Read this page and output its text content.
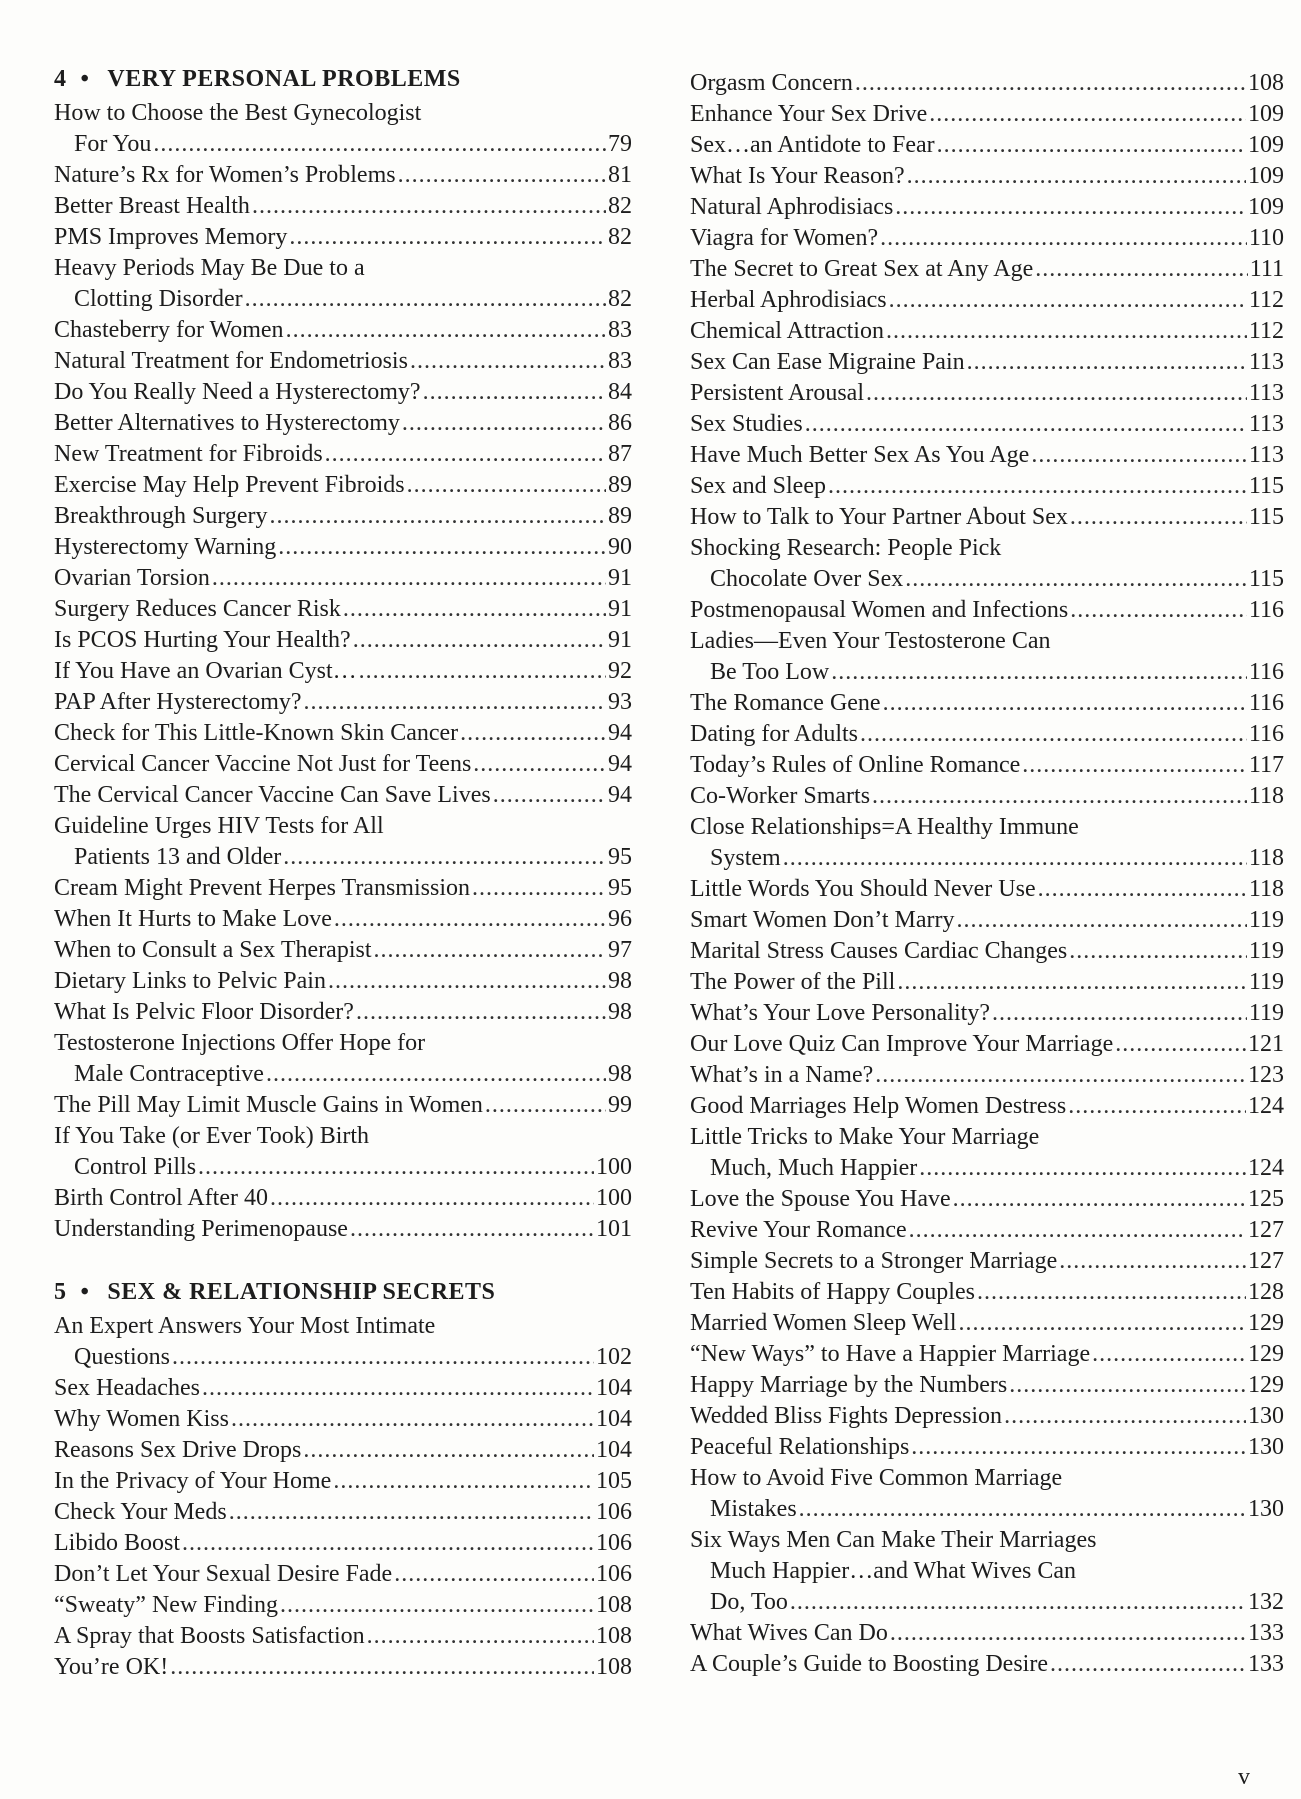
4 • VERY PERSONAL PROBLEMS
How to Choose the Best Gynecologist
For You .....	79
Nature’s Rx for Women’s Problems .....	81
Better Breast Health .....	82
PMS Improves Memory .....	82
Heavy Periods May Be Due to a
Clotting Disorder .....	82
Chasteberry for Women .....	83
Natural Treatment for Endometriosis .....	83
Do You Really Need a Hysterectomy? .....	84
Better Alternatives to Hysterectomy .....	86
New Treatment for Fibroids .....	87
Exercise May Help Prevent Fibroids .....	89
Breakthrough Surgery .....	89
Hysterectomy Warning .....	90
Ovarian Torsion .....	91
Surgery Reduces Cancer Risk .....	91
Is PCOS Hurting Your Health? .....	91
If You Have an Ovarian Cyst… .....	92
PAP After Hysterectomy? .....	93
Check for This Little-Known Skin Cancer .....	94
Cervical Cancer Vaccine Not Just for Teens .....	94
The Cervical Cancer Vaccine Can Save Lives .....	94
Guideline Urges HIV Tests for All
Patients 13 and Older .....	95
Cream Might Prevent Herpes Transmission .....	95
When It Hurts to Make Love .....	96
When to Consult a Sex Therapist .....	97
Dietary Links to Pelvic Pain .....	98
What Is Pelvic Floor Disorder? .....	98
Testosterone Injections Offer Hope for
Male Contraceptive .....	98
The Pill May Limit Muscle Gains in Women .....	99
If You Take (or Ever Took) Birth
Control Pills .....	100
Birth Control After 40 .....	100
Understanding Perimenopause .....	101
5 • SEX & RELATIONSHIP SECRETS
An Expert Answers Your Most Intimate
Questions .....	102
Sex Headaches .....	104
Why Women Kiss .....	104
Reasons Sex Drive Drops .....	104
In the Privacy of Your Home .....	105
Check Your Meds .....	106
Libido Boost .....	106
Don’t Let Your Sexual Desire Fade .....	106
“Sweaty” New Finding .....	108
A Spray that Boosts Satisfaction .....	108
You’re OK! .....	108
Orgasm Concern .....	108
Enhance Your Sex Drive .....	109
Sex…an Antidote to Fear .....	109
What Is Your Reason? .....	109
Natural Aphrodisiacs .....	109
Viagra for Women? .....	110
The Secret to Great Sex at Any Age .....	111
Herbal Aphrodisiacs .....	112
Chemical Attraction .....	112
Sex Can Ease Migraine Pain .....	113
Persistent Arousal .....	113
Sex Studies .....	113
Have Much Better Sex As You Age .....	113
Sex and Sleep .....	115
How to Talk to Your Partner About Sex .....	115
Shocking Research: People Pick
Chocolate Over Sex .....	115
Postmenopausal Women and Infections .....	116
Ladies—Even Your Testosterone Can
Be Too Low .....	116
The Romance Gene .....	116
Dating for Adults .....	116
Today’s Rules of Online Romance .....	117
Co-Worker Smarts .....	118
Close Relationships=A Healthy Immune
System .....	118
Little Words You Should Never Use .....	118
Smart Women Don’t Marry .....	119
Marital Stress Causes Cardiac Changes .....	119
The Power of the Pill .....	119
What’s Your Love Personality? .....	119
Our Love Quiz Can Improve Your Marriage .....	121
What’s in a Name? .....	123
Good Marriages Help Women Destress .....	124
Little Tricks to Make Your Marriage
Much, Much Happier .....	124
Love the Spouse You Have .....	125
Revive Your Romance .....	127
Simple Secrets to a Stronger Marriage .....	127
Ten Habits of Happy Couples .....	128
Married Women Sleep Well .....	129
“New Ways” to Have a Happier Marriage .....	129
Happy Marriage by the Numbers .....	129
Wedded Bliss Fights Depression .....	130
Peaceful Relationships .....	130
How to Avoid Five Common Marriage
Mistakes .....	130
Six Ways Men Can Make Their Marriages
Much Happier…and What Wives Can
Do, Too .....	132
What Wives Can Do .....	133
A Couple’s Guide to Boosting Desire .....	133
v
